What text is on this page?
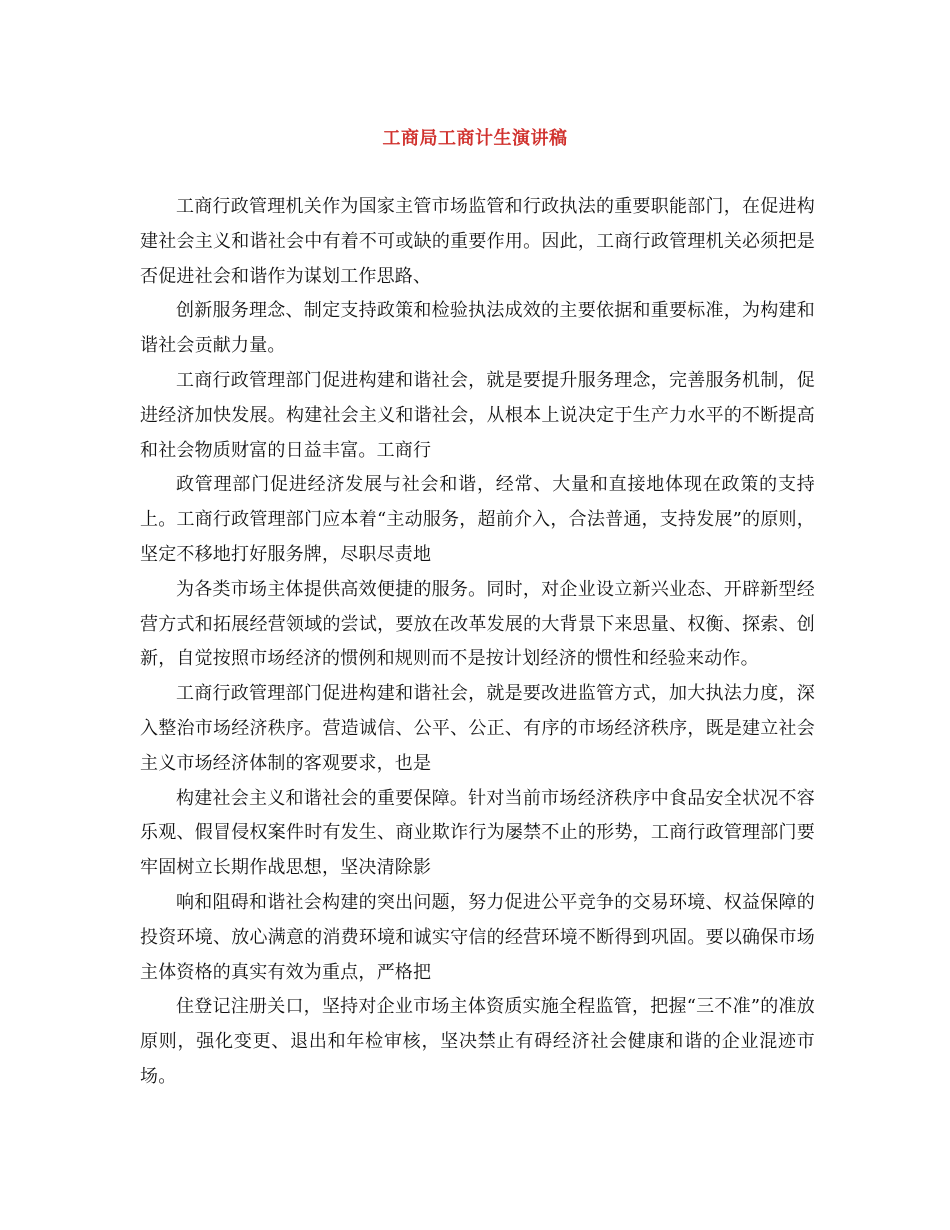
工商局工商计生演讲稿

工商行政管理机关作为国家主管市场监管和行政执法的重要职能部门，在促进构建社会主义和谐社会中有着不可或缺的重要作用。因此，工商行政管理机关必须把是否促进社会和谐作为谋划工作思路、

创新服务理念、制定支持政策和检验执法成效的主要依据和重要标准，为构建和谐社会贡献力量。

工商行政管理部门促进构建和谐社会，就是要提升服务理念，完善服务机制，促进经济加快发展。构建社会主义和谐社会，从根本上说决定于生产力水平的不断提高和社会物质财富的日益丰富。工商行

政管理部门促进经济发展与社会和谐，经常、大量和直接地体现在政策的支持上。工商行政管理部门应本着“主动服务，超前介入，合法普通，支持发展”的原则，坚定不移地打好服务牌，尽职尽责地

为各类市场主体提供高效便捷的服务。同时，对企业设立新兴业态、开辟新型经营方式和拓展经营领域的尝试，要放在改革发展的大背景下来思量、权衡、探索、创新，自觉按照市场经济的惯例和规则而不是按计划经济的惯性和经验来动作。

工商行政管理部门促进构建和谐社会，就是要改进监管方式，加大执法力度，深入整治市场经济秩序。营造诚信、公平、公正、有序的市场经济秩序，既是建立社会主义市场经济体制的客观要求，也是

构建社会主义和谐社会的重要保障。针对当前市场经济秩序中食品安全状况不容乐观、假冒侵权案件时有发生、商业欺诈行为屡禁不止的形势，工商行政管理部门要牢固树立长期作战思想，坚决清除影

响和阻碍和谐社会构建的突出问题，努力促进公平竞争的交易环境、权益保障的投资环境、放心满意的消费环境和诚实守信的经营环境不断得到巩固。要以确保市场主体资格的真实有效为重点，严格把

住登记注册关口，坚持对企业市场主体资质实施全程监管，把握“三不准”的准放原则，强化变更、退出和年检审核，坚决禁止有碍经济社会健康和谐的企业混迹市场。
